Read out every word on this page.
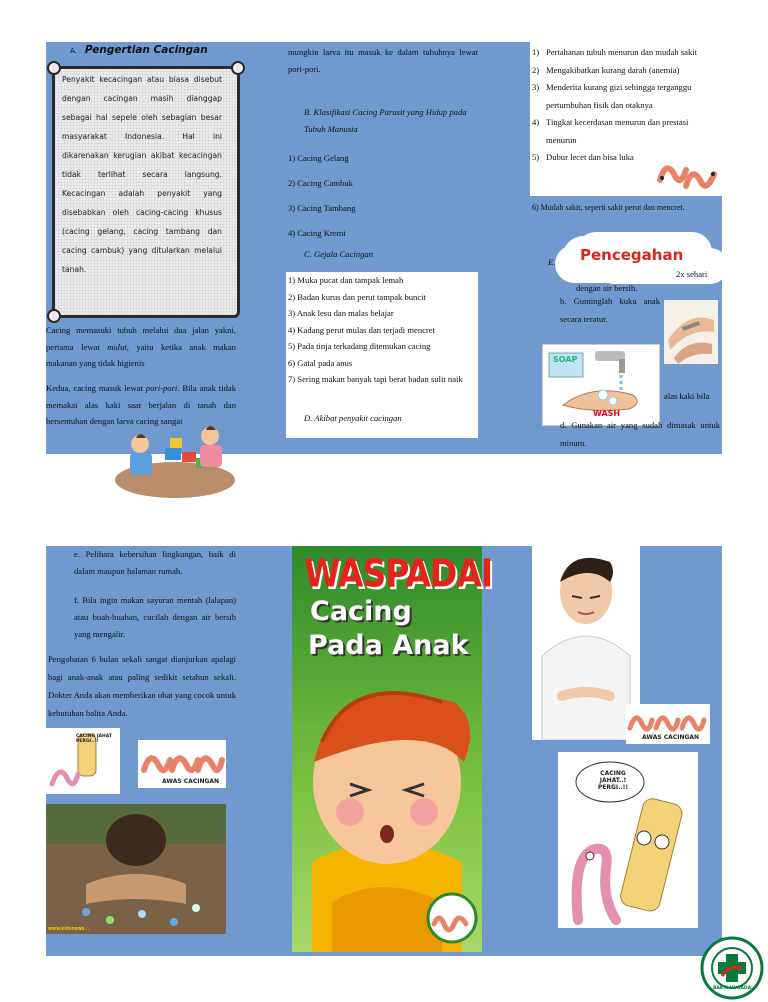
A. Pengertian Cacingan
Penyakit kecacingan atau biasa disebut dengan cacingan masih dianggap sebagai hal sepele oleh sebagian besar masyarakat Indonesia. Hal ini dikarenakan kerugian akibat kecacingan tidak terlihat secara langsung. Kecacingan adalah penyakit yang disebabkan oleh cacing-cacing khusus (cacing gelang, cacing tambang dan cacing cambuk) yang ditularkan melalui tanah.
Cacing memasuki tubuh melalui dua jalan yakni, pertama lewat mulut, yaitu ketika anak makan makanan yang tidak higienis
Kedua, cacing masuk lewat pori-pori. Bila anak tidak memakai alas kaki saat berjalan di tanah dan bersentuhan dengan larva cacing sangat
mungkin larva itu masuk ke dalam tubuhnya lewat pori-pori.
B. Klasifikasi Cacing Parasit yang Hidup pada Tubuh Manusia
1) Cacing Gelang
2) Cacing Cambuk
3) Cacing Tambang
4) Cacing Kremi
C. Gejala Cacingan
1) Muka pucat dan tampak lemah
2) Badan kurus dan perut tampak buncit
3) Anak lesu dan malas belajar
4) Kadang perut mulas dan terjadi mencret
5) Pada tinja terkadang ditemukan cacing
6) Gatal pada anus
7) Sering makan banyak tapi berat badan sulit naik
D. Akibat penyakit cacingan
1) Pertahanan tubuh menurun dan mudah sakit
2) Mengakibatkan kurang darah (anemia)
3) Menderita kurang gizi sehingga terganggu pertumbuhan fisik dan otaknya
4) Tingkat kecerdasan menurun dan prestasi menurun
5) Dubur lecet dan bisa luka
6) Mudah sakit, seperti sakit perut dan mencret.
E. Pencegahan
2x sehari
dengan air bersih.
b. Guntinglah kuku anak secara teratur.
SOAP
WASH
alas kaki bila
d. Gunakan air yang sudah dimasak untuk minum.
e. Pelihara kebersihan lingkungan, baik di dalam maupun halaman rumah.
f. Bila ingin makan sayuran mentah (lalapan) atau buah-buahan, cucilah dengan air bersih yang mengalir.
Pengobatan 6 bulan sekali sangat dianjurkan apalagi bagi anak-anak atau paling sedikit setahun sekali. Dokter Anda akan memberikan obat yang cocok untuk kebutuhan balita Anda.
CACING JAHAT PERGI..!!
AWAS CACINGAN
www.kidsnews...
WASPADAI
Cacing
Pada Anak
AWAS CACINGAN
CACING JAHAT..! PERGI..!!
BAKTI HUSADA
